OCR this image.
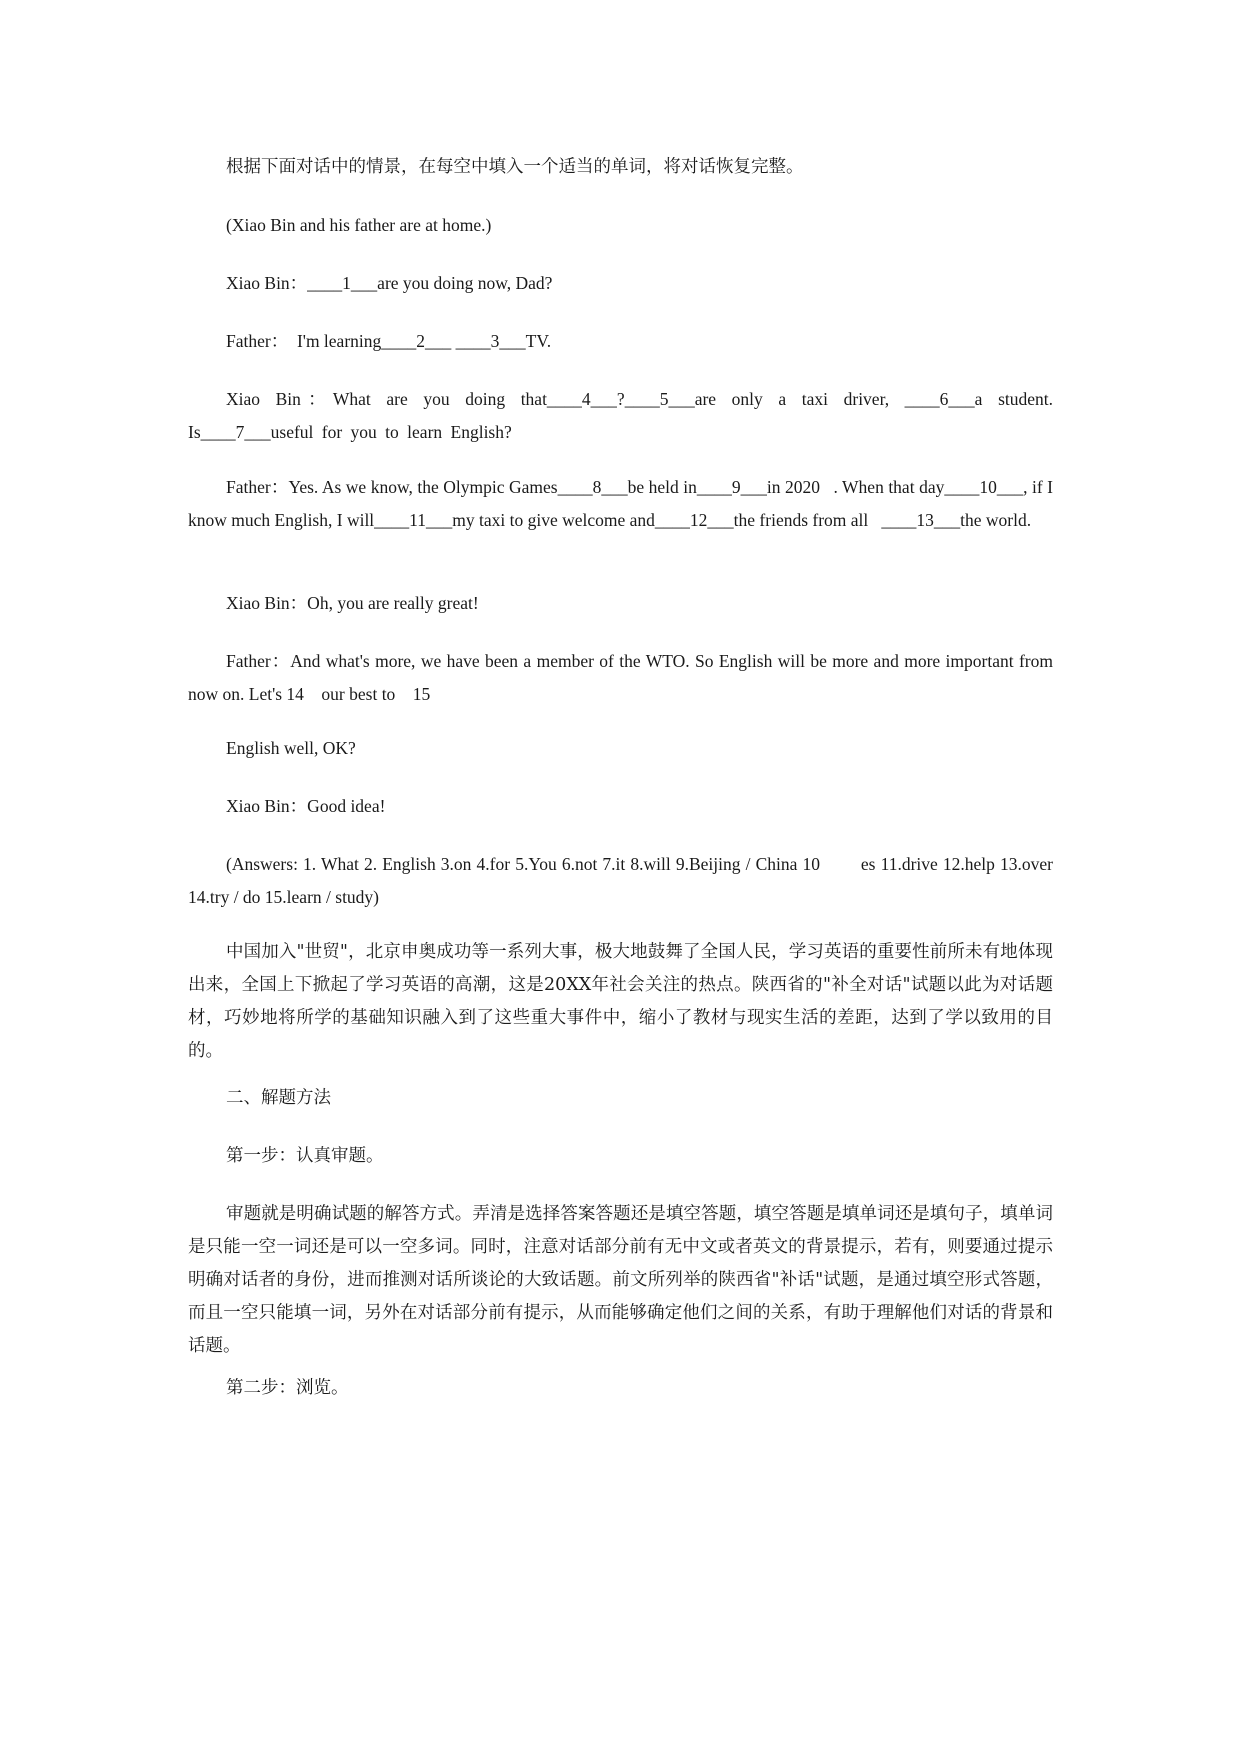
根据下面对话中的情景，在每空中填入一个适当的单词，将对话恢复完整。

(Xiao Bin and his father are at home.)

Xiao Bin：____1___are you doing now, Dad?

Father：  I'm learning____2___ ____3___TV.

Xiao Bin：What are you doing that____4___?____5___are only a taxi driver, ____6___a student. Is____7___useful for you to learn English?

Father：Yes. As we know, the Olympic Games____8___be held in____9___in 2020   . When that day____10___, if I know much English, I will____11___my taxi to give welcome and____12___the friends from all   ____13___the world.

Xiao Bin：Oh, you are really great!

Father：And what's more, we have been a member of the WTO. So English will be more and more important from now on. Let's 14    our best to    15

English well, OK?

Xiao Bin：Good idea!

(Answers: 1. What 2. English 3.on 4.for 5.You 6.not 7.it 8.will 9.Beijing / China 10        es 11.drive 12.help 13.over 14.try / do 15.learn / study)

中国加入"世贸"，北京申奥成功等一系列大事，极大地鼓舞了全国人民，学习英语的重要性前所未有地体现出来，全国上下掀起了学习英语的高潮，这是20XX年社会关注的热点。陕西省的"补全对话"试题以此为对话题材，巧妙地将所学的基础知识融入到了这些重大事件中，缩小了教材与现实生活的差距，达到了学以致用的目的。

二、解题方法

第一步：认真审题。

审题就是明确试题的解答方式。弄清是选择答案答题还是填空答题，填空答题是填单词还是填句子，填单词是只能一空一词还是可以一空多词。同时，注意对话部分前有无中文或者英文的背景提示，若有，则要通过提示明确对话者的身份，进而推测对话所谈论的大致话题。前文所列举的陕西省"补话"试题，是通过填空形式答题，而且一空只能填一词，另外在对话部分前有提示，从而能够确定他们之间的关系，有助于理解他们对话的背景和话题。

第二步：浏览。
